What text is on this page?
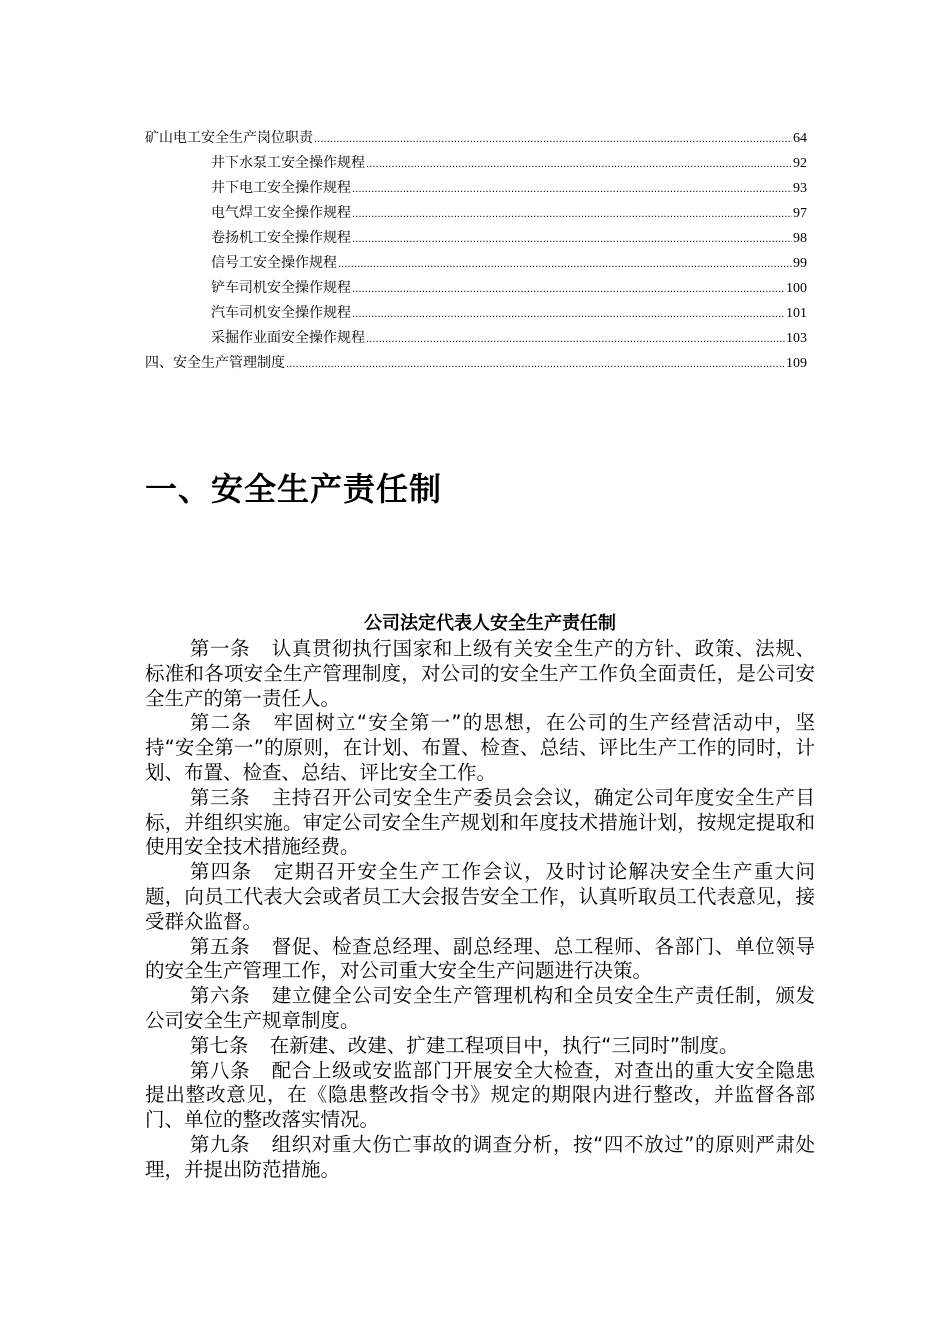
矿山电工安全生产岗位职责 .....	64
井下水泵工安全操作规程 .....	92
井下电工安全操作规程 .....	93
电气焊工安全操作规程 .....	97
卷扬机工安全操作规程 .....	98
信号工安全操作规程 .....	99
铲车司机安全操作规程 .....	100
汽车司机安全操作规程 .....	101
采掘作业面安全操作规程 .....	103
四、安全生产管理制度 .....	109
一、安全生产责任制
公司法定代表人安全生产责任制

第一条 认真贯彻执行国家和上级有关安全生产的方针、政策、法规、标准和各项安全生产管理制度，对公司的安全生产工作负全面责任，是公司安全生产的第一责任人。

第二条 牢固树立“安全第一”的思想，在公司的生产经营活动中，坚持“安全第一”的原则，在计划、布置、检查、总结、评比生产工作的同时，计划、布置、检查、总结、评比安全工作。

第三条 主持召开公司安全生产委员会会议，确定公司年度安全生产目标，并组织实施。审定公司安全生产规划和年度技术措施计划，按规定提取和使用安全技术措施经费。

第四条 定期召开安全生产工作会议，及时讨论解决安全生产重大问题，向员工代表大会或者员工大会报告安全工作，认真听取员工代表意见，接受群众监督。

第五条 督促、检查总经理、副总经理、总工程师、各部门、单位领导的安全生产管理工作，对公司重大安全生产问题进行决策。

第六条 建立健全公司安全生产管理机构和全员安全生产责任制，颁发公司安全生产规章制度。

第七条 在新建、改建、扩建工程项目中，执行“三同时”制度。

第八条 配合上级或安监部门开展安全大检查，对查出的重大安全隐患提出整改意见，在《隐患整改指令书》规定的期限内进行整改，并监督各部门、单位的整改落实情况。

第九条 组织对重大伤亡事故的调查分析，按“四不放过”的原则严肃处理，并提出防范措施。
